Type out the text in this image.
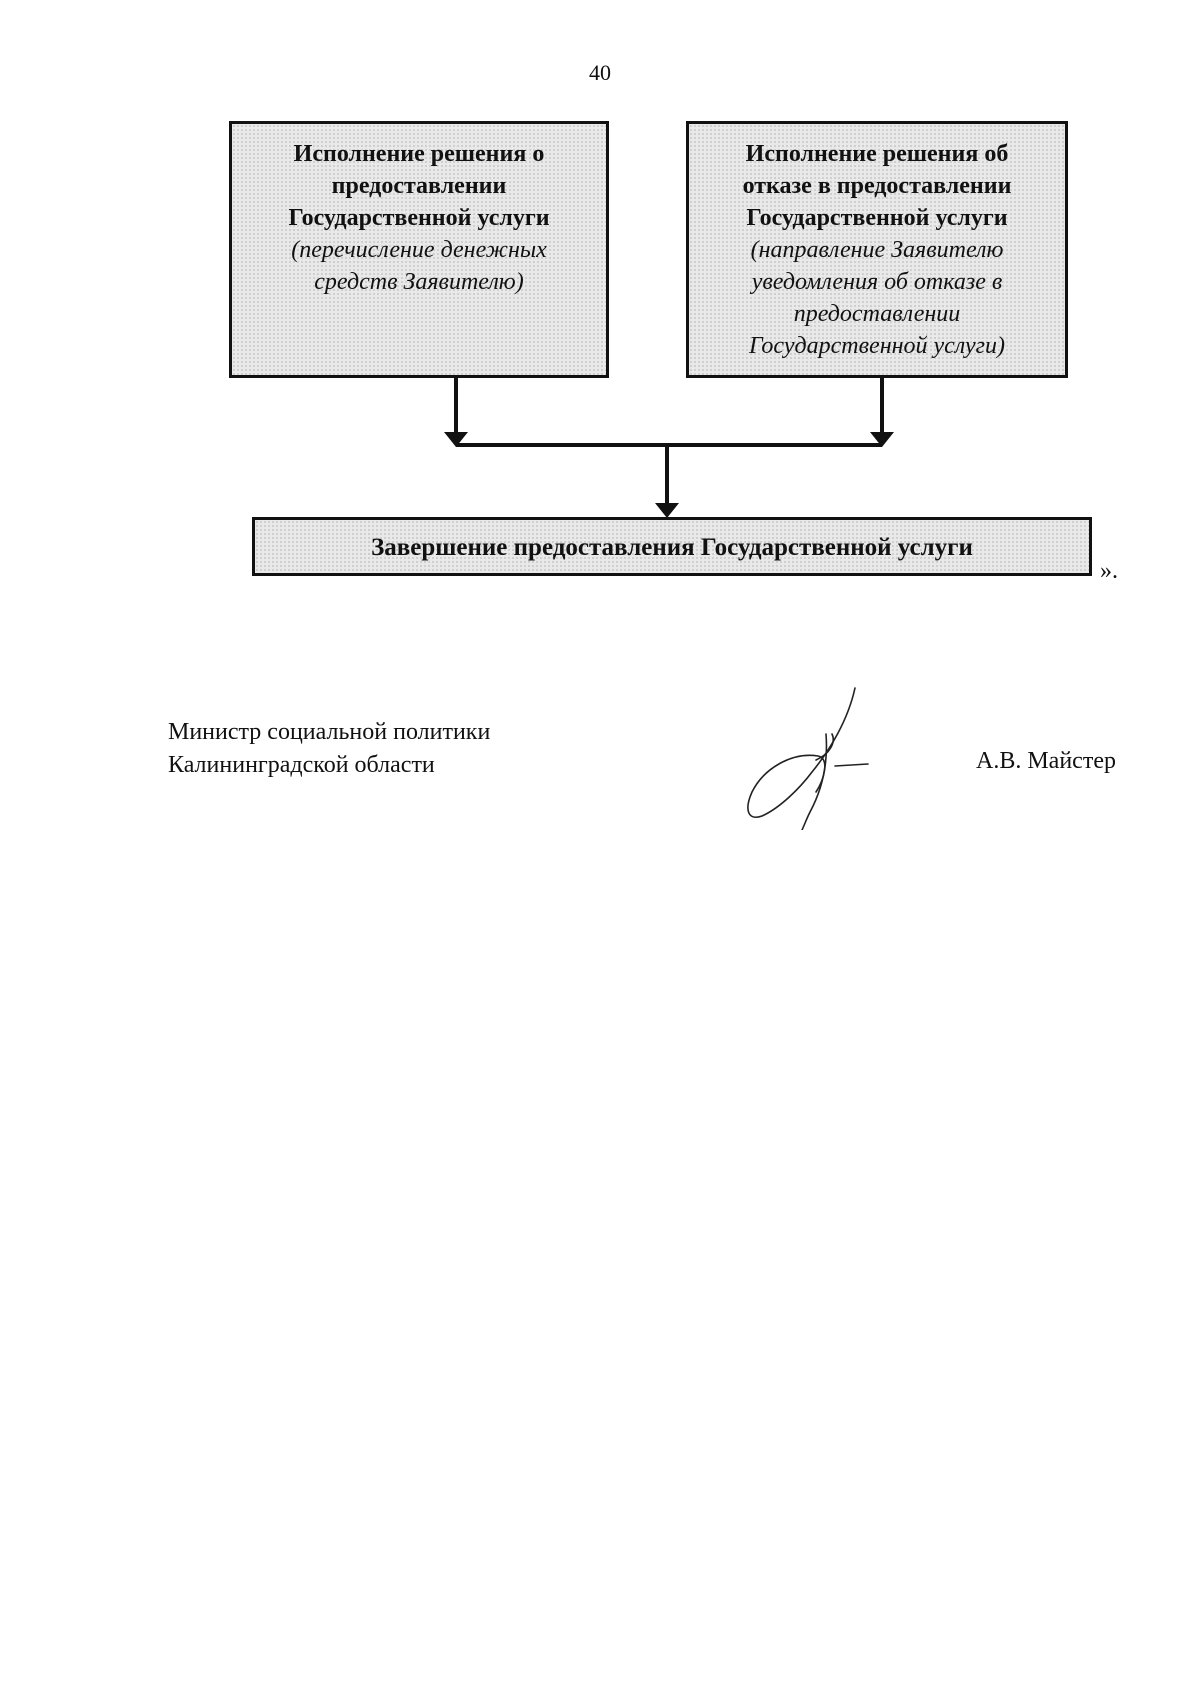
40
Исполнение решения о
предоставлении
Государственной услуги
(перечисление денежных
средств Заявителю)
Исполнение решения об
отказе в предоставлении
Государственной услуги
(направление Заявителю
уведомления об отказе в
предоставлении
Государственной услуги)
Завершение предоставления Государственной услуги
».
Министр социальной политики
Калининградской области	А.В. Майстер
